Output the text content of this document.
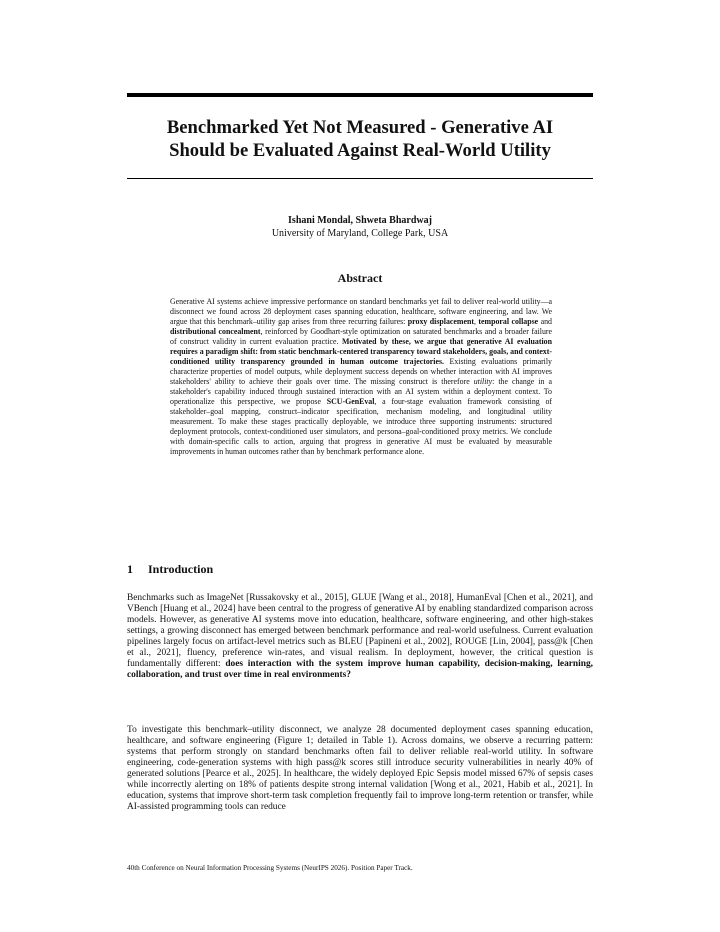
Benchmarked Yet Not Measured - Generative AI
Should be Evaluated Against Real-World Utility
Ishani Mondal, Shweta Bhardwaj
University of Maryland, College Park, USA
Abstract
Generative AI systems achieve impressive performance on standard benchmarks yet fail to deliver real-world utility—a disconnect we found across 28 deployment cases spanning education, healthcare, software engineering, and law. We argue that this benchmark–utility gap arises from three recurring failures: proxy displacement, temporal collapse and distributional concealment, reinforced by Goodhart-style optimization on saturated benchmarks and a broader failure of construct validity in current evaluation practice. Motivated by these, we argue that generative AI evaluation requires a paradigm shift: from static benchmark-centered transparency toward stakeholders, goals, and context-conditioned utility transparency grounded in human outcome trajectories. Existing evaluations primarily characterize properties of model outputs, while deployment success depends on whether interaction with AI improves stakeholders' ability to achieve their goals over time. The missing construct is therefore utility: the change in a stakeholder's capability induced through sustained interaction with an AI system within a deployment context. To operationalize this perspective, we propose SCU-GenEval, a four-stage evaluation framework consisting of stakeholder–goal mapping, construct–indicator specification, mechanism modeling, and longitudinal utility measurement. To make these stages practically deployable, we introduce three supporting instruments: structured deployment protocols, context-conditioned user simulators, and persona–goal-conditioned proxy metrics. We conclude with domain-specific calls to action, arguing that progress in generative AI must be evaluated by measurable improvements in human outcomes rather than by benchmark performance alone.
1	Introduction
Benchmarks such as ImageNet [Russakovsky et al., 2015], GLUE [Wang et al., 2018], HumanEval [Chen et al., 2021], and VBench [Huang et al., 2024] have been central to the progress of generative AI by enabling standardized comparison across models. However, as generative AI systems move into education, healthcare, software engineering, and other high-stakes settings, a growing disconnect has emerged between benchmark performance and real-world usefulness. Current evaluation pipelines largely focus on artifact-level metrics such as BLEU [Papineni et al., 2002], ROUGE [Lin, 2004], pass@k [Chen et al., 2021], fluency, preference win-rates, and visual realism. In deployment, however, the critical question is fundamentally different: does interaction with the system improve human capability, decision-making, learning, collaboration, and trust over time in real environments?
To investigate this benchmark–utility disconnect, we analyze 28 documented deployment cases spanning education, healthcare, and software engineering (Figure 1; detailed in Table 1). Across domains, we observe a recurring pattern: systems that perform strongly on standard benchmarks often fail to deliver reliable real-world utility. In software engineering, code-generation systems with high pass@k scores still introduce security vulnerabilities in nearly 40% of generated solutions [Pearce et al., 2025]. In healthcare, the widely deployed Epic Sepsis model missed 67% of sepsis cases while incorrectly alerting on 18% of patients despite strong internal validation [Wong et al., 2021, Habib et al., 2021]. In education, systems that improve short-term task completion frequently fail to improve long-term retention or transfer, while AI-assisted programming tools can reduce
40th Conference on Neural Information Processing Systems (NeurIPS 2026). Position Paper Track.
